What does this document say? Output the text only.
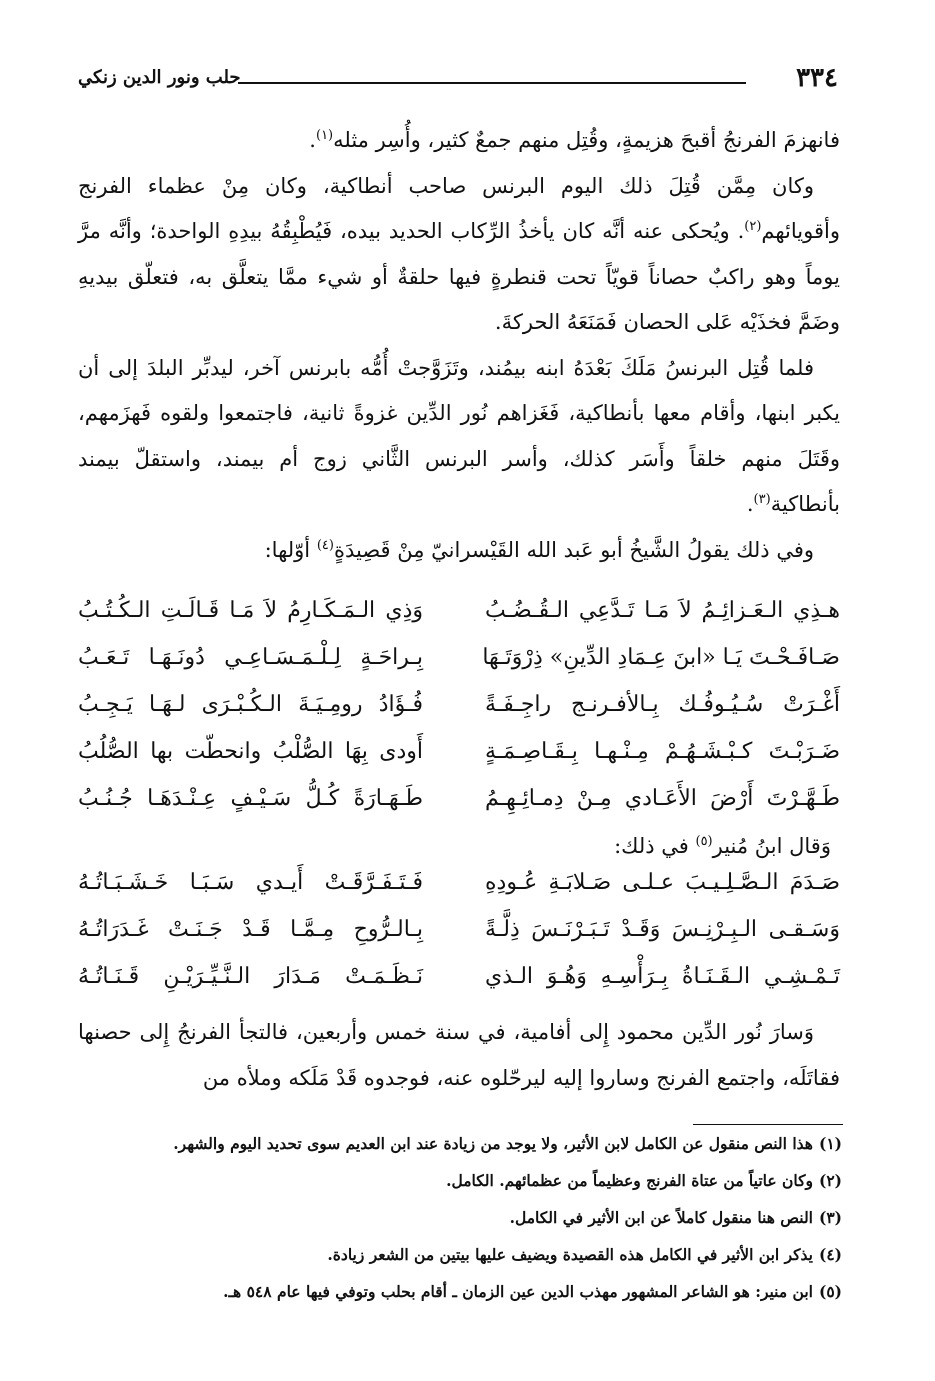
٣٣٤
حلب ونور الدين زنكي

فانهزمَ الفرنجُ أقبحَ هزيمةٍ، وقُتِل منهم جمعٌ كثير، وأُسِر مثله$^{(١)}$.

وكان مِمَّن قُتِلَ ذلك اليوم البرنس صاحب أنطاكية، وكان مِنْ عظماء الفرنج وأقويائهم$^{(٢)}$. ويُحكى عنه أنَّه كان يأخذُ الرِّكاب الحديد بيده، فَيُطْبِقُهُ بيدِهِ الواحدة؛ وأنَّه مرَّ يوماً وهو راكبٌ حصاناً قويّاً تحت قنطرةٍ فيها حلقةٌ أو شيء ممَّا يتعلَّق به، فتعلّق بيديهِ وضَمَّ فخذَيْه عَلى الحصان فَمَنَعَهُ الحركةَ.

فلما قُتِل البرنسُ مَلَكَ بَعْدَهُ ابنه بيمُند، وتَزَوَّجتْ أُمُّه بابرنس آخر، ليدبِّر البلدَ إلى أن يكبر ابنها، وأقام معها بأنطاكية، فَغَزاهم نُور الدِّين غزوةً ثانية، فاجتمعوا ولقوه فَهزَمهم، وقَتَلَ منهم خلقاً وأَسَر كذلك، وأسر البرنس الثَّاني زوج أم بيمند، واستقلّ بيمند بأنطاكية$^{(٣)}$.

وفي ذلك يقولُ الشَّيخُ أبو عَبد الله القَيْسرانيّ مِنْ قَصِيدَةٍ$^{(٤)}$ أوّلها:

هـذِي الـعَـزائِـمُ لاَ مَـا تَـدَّعِي الـقُـضُـبُ
وَذِي الـمَـكَـارِمُ لاَ مَـا قَـالَـتِ الـكُـتُـبُ
صَـافَـحْـتَ يَـا «ابنَ عِـمَادِ الدِّينِ» ذِرْوَتَـهَا
بِـراحَـةٍ لِـلْـمَـسَـاعِـي دُونَـهَـا تَـعَـبُ
أَغْـرَتْ سُـيُـوفُـك بِـالأفـرنـج راجِـفَـةً
فُـؤَادُ رومِـيَـةَ الـكُـبْـرَى لـهَـا يَـجِـبُ
ضَـرَبْـتَ كـبْـشَـهُـمْ مِـنْـهـا بِـقَـاصِـمَـةٍ
أَودى بِهَا الصُّلْبُ وانحطّت بها الصُّلُبُ
طَـهَّـرْتَ أَرْضَ الأَعَـادي مِـنْ دِمـائِـهِـمُ
طَـهَـارَةً كُـلُّ سَـيْـفٍ عِـنْـدَهَـا جُـنُـبُ
وَقال ابنُ مُنير$^{(٥)}$ في ذلك:
صَـدَمَ الـصَّـلِـيـبَ عـلـى صَـلابَـةِ عُـودِهِ
فَـتَـفَـرَّقَـتْ أَيـدي سَـبَـا خَـشَـبَـاتُـهُ
وَسَـقـى الـبِـرْنِـسَ وَقَـدْ تَـبَـرْنَـسَ ذِلَّـةً
بِـالـرُّوحِ مِـمَّـا قَـدْ جَـنَـتْ غَـدَرَاتُـهُ
تَـمْـشِـي الـقَـنَـاةُ بِـرَأْسِـهِ وَهُـوَ الـذي
نَـظَـمَـتْ مَـدَارَ الـنَّـيِّـرَيْـنِ قَـنَـاتُـهُ

وَسارَ نُور الدِّين محمود إِلى أفامية، في سنة خمس وأربعين، فالتجأ الفرنجُ إِلى حصنها فقاتَلَه، واجتمع الفرنج وساروا إليه ليرحّلوه عنه، فوجدوه قَدْ مَلَكه وملأه من

(١)هذا النص منقول عن الكامل لابن الأثير، ولا يوجد من زيادة عند ابن العديم سوى تحديد اليوم والشهر.

(٢)وكان عاتياً من عتاة الفرنج وعظيماً من عظمائهم. الكامل.

(٣)النص هنا منقول كاملاً عن ابن الأثير في الكامل.

(٤)يذكر ابن الأثير في الكامل هذه القصيدة ويضيف عليها بيتين من الشعر زيادة.

(٥)ابن منير: هو الشاعر المشهور مهذب الدين عين الزمان ـ أقام بحلب وتوفي فيها عام ٥٤٨ هـ.
